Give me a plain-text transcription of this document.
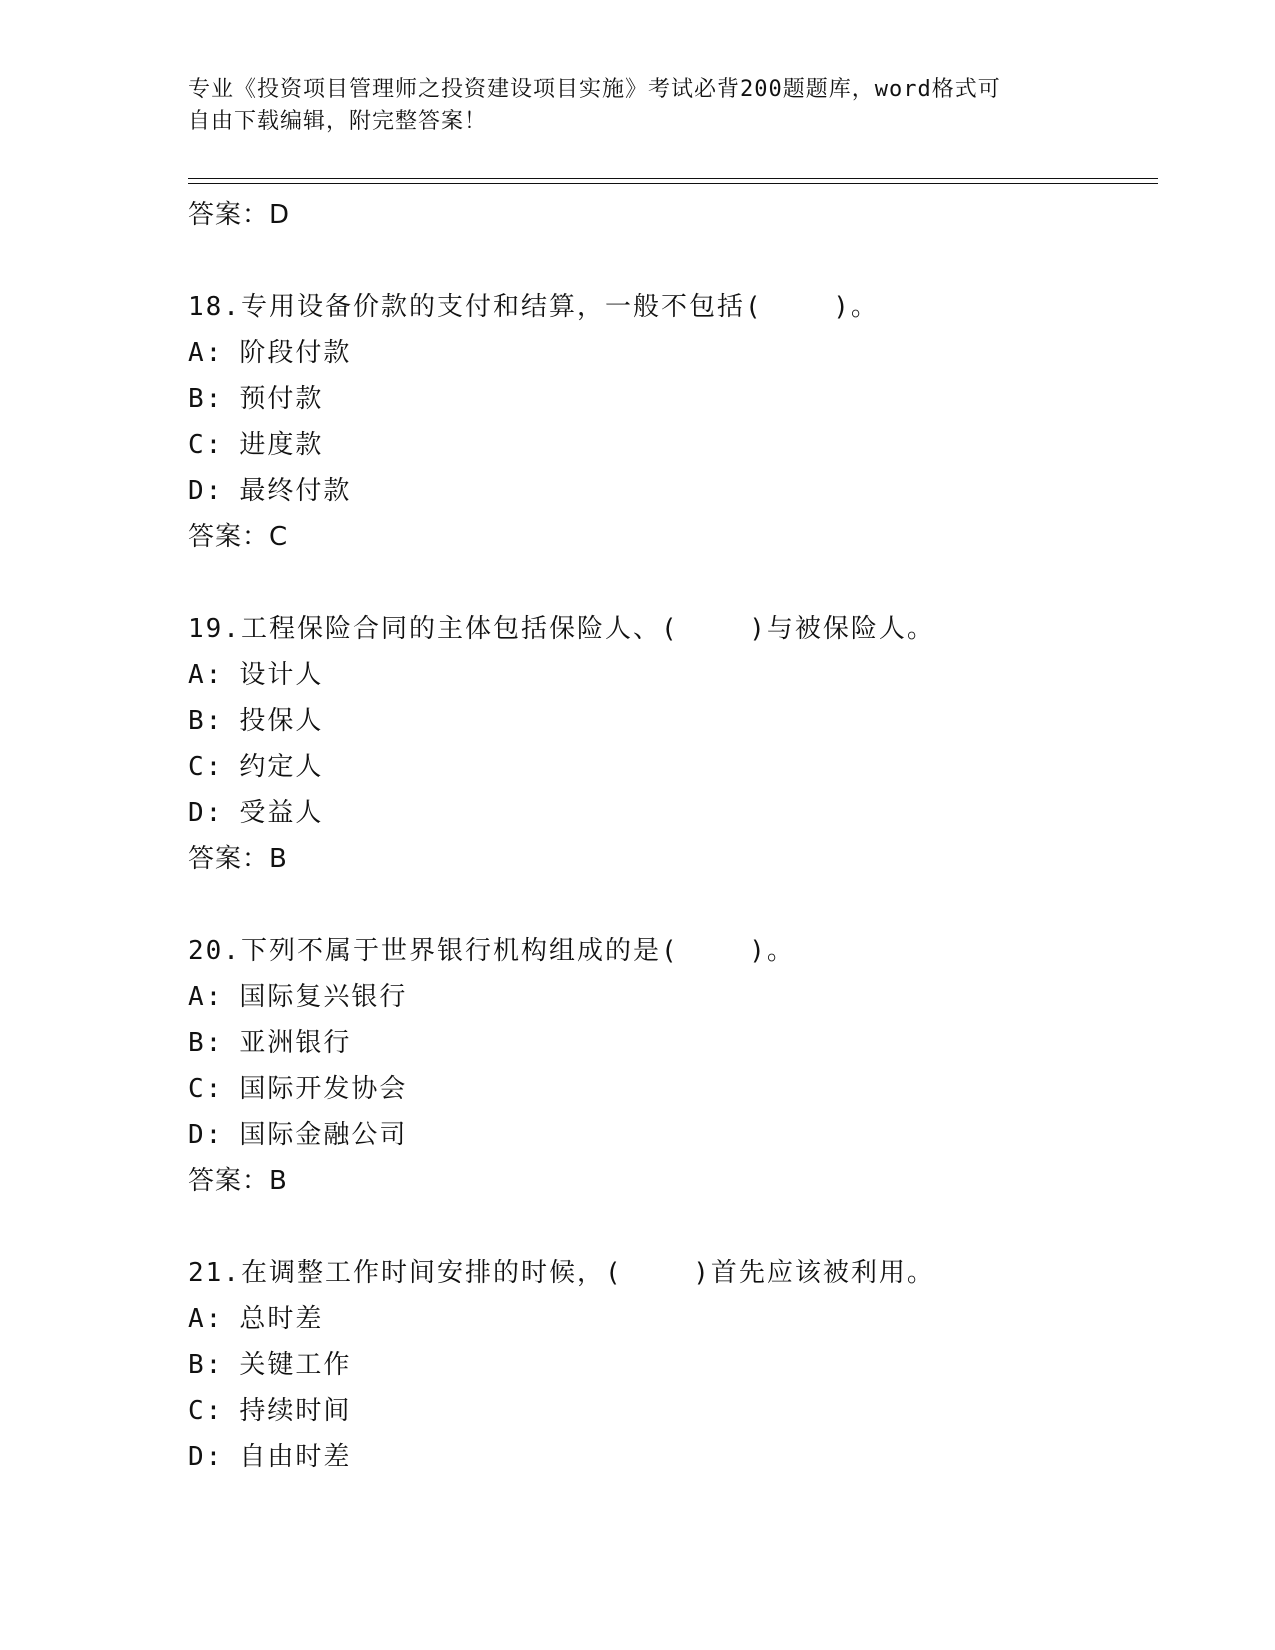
专业《投资项目管理师之投资建设项目实施》考试必背200题题库，word格式可
自由下载编辑，附完整答案！
答案：D
18.专用设备价款的支付和结算，一般不包括(    )。
A: 阶段付款
B: 预付款
C: 进度款
D: 最终付款
答案：C
19.工程保险合同的主体包括保险人、(    )与被保险人。
A: 设计人
B: 投保人
C: 约定人
D: 受益人
答案：B
20.下列不属于世界银行机构组成的是(    )。
A: 国际复兴银行
B: 亚洲银行
C: 国际开发协会
D: 国际金融公司
答案：B
21.在调整工作时间安排的时候，(    )首先应该被利用。
A: 总时差
B: 关键工作
C: 持续时间
D: 自由时差
